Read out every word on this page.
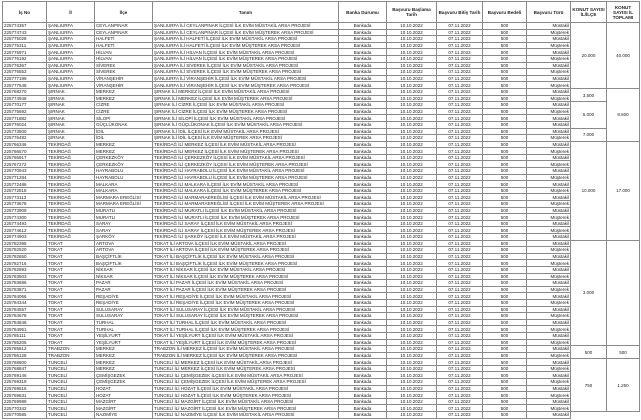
İş No	İl	İlçe	Tanım	Banka Durumu	Başvuru Başlama Tarih	Başvuru Bitiş Tarih	Başvuru Bedeli	Başvuru Türü	KONUT SAYISI İL/İLÇE	KONUT SAYISI İL TOPLAMI
225774357	ŞANLIURFA	CEYLANPINAR	ŞANLIURFA İLİ CEYLANPINAR İLÇESİ İLK EVİM MÜSTAKİL ARSA PROJESİ	Bankada	10.10.2022	07.11.2022	500	Müstakil	20.000	40.000
225774743	ŞANLIURFA	CEYLANPINAR	ŞANLIURFA İLİ CEYLANPINAR İLÇESİ İLK EVİM MÜŞTEREK ARSA PROJESİ	Bankada	10.10.2022	07.11.2022	500	Müşterek		
225775028	ŞANLIURFA	HALFETİ	ŞANLIURFA İLİ HALFETİ İLÇESİ İLK EVİM MÜSTAKİL ARSA PROJESİ	Bankada	10.10.2022	07.11.2022	500	Müstakil		
225775311	ŞANLIURFA	HALFETİ	ŞANLIURFA İLİ HALFETİ İLÇESİ İLK EVİM MÜŞTEREK ARSA PROJESİ	Bankada	10.10.2022	07.11.2022	500	Müşterek		
225775971	ŞANLIURFA	HİLVAN	ŞANLIURFA İLİ HİLVAN İLÇESİ İLK EVİM MÜSTAKİL ARSA PROJESİ	Bankada	10.10.2022	07.11.2022	500	Müstakil		
225776192	ŞANLIURFA	HİLVAN	ŞANLIURFA İLİ HİLVAN İLÇESİ İLK EVİM MÜŞTEREK ARSA PROJESİ	Bankada	10.10.2022	07.11.2022	500	Müşterek		
225776367	ŞANLIURFA	SİVEREK	ŞANLIURFA İLİ SİVEREK İLÇESİ İLK EVİM MÜSTAKİL ARSA PROJESİ	Bankada	10.10.2022	07.11.2022	500	Müstakil		
225776553	ŞANLIURFA	SİVEREK	ŞANLIURFA İLİ SİVEREK İLÇESİ İLK EVİM MÜŞTEREK ARSA PROJESİ	Bankada	10.10.2022	07.11.2022	500	Müşterek		
225777199	ŞANLIURFA	VİRANŞEHİR	ŞANLIURFA İLİ VİRANŞEHİR İLÇESİ İLK EVİM MÜSTAKİL ARSA PROJESİ	Bankada	10.10.2022	07.11.2022	500	Müstakil		
225777548	ŞANLIURFA	VİRANŞEHİR	ŞANLIURFA İLİ VİRANŞEHİR İLÇESİ İLK EVİM MÜŞTEREK ARSA PROJESİ	Bankada	10.10.2022	07.11.2022	500	Müşterek		
225768270	ŞIRNAK	MERKEZ	ŞIRNAK İLİ MERKEZ İLÇESİ İLK EVİM MÜSTAKİL ARSA PROJESİ	Bankada	10.10.2022	07.11.2022	500	Müstakil	3.500	8.500
225774948	ŞIRNAK	MERKEZ	ŞIRNAK İLİ MERKEZ İLÇESİ İLK EVİM MÜŞTEREK ARSA PROJESİ	Bankada	10.10.2022	07.11.2022	500	Müşterek		
225770177	ŞIRNAK	CİZRE	ŞIRNAK İLİ CİZRE İLÇESİ İLK EVİM MÜSTAKİL ARSA PROJESİ	Bankada	10.10.2022	07.11.2022	500	Müstakil	5.000	
225775692	ŞIRNAK	CİZRE	ŞIRNAK İLİ CİZRE İLÇESİ İLK EVİM MÜŞTEREK ARSA PROJESİ	Bankada	10.10.2022	07.11.2022	500	Müşterek		
225771882	ŞIRNAK	SİLOPİ	ŞIRNAK İLİ SİLOPİ İLÇESİ İLK EVİM MÜSTAKİL ARSA PROJESİ	Bankada	10.10.2022	07.11.2022	500	Müstakil		
225776024	ŞIRNAK	GÜÇLÜKONAK	ŞIRNAK İLİ GÜÇLÜKONAK İLÇESİ İLK EVİM MÜSTAKİL ARSA PROJESİ	Bankada	10.10.2022	07.11.2022	500	Müstakil		
225773500	ŞIRNAK	İDİL	ŞIRNAK İLİ İDİL İLÇESİ İLK EVİM MÜSTAKİL ARSA PROJESİ	Bankada	10.10.2022	07.11.2022	500	Müstakil	7.000	
225776482	ŞIRNAK	İDİL	ŞIRNAK İLİ İDİL İLÇESİ İLK EVİM MÜŞTEREK ARSA PROJESİ	Bankada	10.10.2022	07.11.2022	500	Müşterek		
225766346	TEKİRDAĞ	MERKEZ	TEKİRDAĞ İLİ MERKEZ İLÇESİ İLK EVİM MÜSTAKİL ARSA PROJESİ	Bankada	10.10.2022	07.11.2022	500	Müstakil	10.000	17.000
225766570	TEKİRDAĞ	MERKEZ	TEKİRDAĞ İLİ MERKEZ İLÇESİ İLK EVİM MÜŞTEREK ARSA PROJESİ	Bankada	10.10.2022	07.11.2022	500	Müşterek		
225766917	TEKİRDAĞ	ÇERKEZKÖY	TEKİRDAĞ İLİ ÇERKEZKÖY İLÇESİ İLK EVİM MÜSTAKİL ARSA PROJESİ	Bankada	10.10.2022	07.11.2022	500	Müstakil		
225767272	TEKİRDAĞ	ÇERKEZKÖY	TEKİRDAĞ İLİ ÇERKEZKÖY İLÇESİ İLK EVİM MÜŞTEREK ARSA PROJESİ	Bankada	10.10.2022	07.11.2022	500	Müşterek		
225770943	TEKİRDAĞ	HAYRABOLU	TEKİRDAĞ İLİ HAYRABOLU İLÇESİ İLK EVİM MÜSTAKİL ARSA PROJESİ	Bankada	10.10.2022	07.11.2022	500	Müstakil		
225771284	TEKİRDAĞ	HAYRABOLU	TEKİRDAĞ İLİ HAYRABOLU İLÇESİ İLK EVİM MÜŞTEREK ARSA PROJESİ	Bankada	10.10.2022	07.11.2022	500	Müşterek		
225772486	TEKİRDAĞ	MALKARA	TEKİRDAĞ İLİ MALKARA İLÇESİ İLK EVİM MÜSTAKİL ARSA PROJESİ	Bankada	10.10.2022	07.11.2022	500	Müstakil		
225772818	TEKİRDAĞ	MALKARA	TEKİRDAĞ İLİ MALKARA İLÇESİ İLK EVİM MÜŞTEREK ARSA PROJESİ	Bankada	10.10.2022	07.11.2022	500	Müşterek		
225773113	TEKİRDAĞ	MARMARA EREĞLİSİ	TEKİRDAĞ İLİ MARMARAEREĞLİSİ İLÇESİ İLK EVİM MÜSTAKİL ARSA PROJESİ	Bankada	10.10.2022	07.11.2022	500	Müstakil		
225773678	TEKİRDAĞ	MARMARA EREĞLİSİ	TEKİRDAĞ İLİ MARMARAEREĞLİSİ İLÇESİ İLK EVİM MÜŞTEREK ARSA PROJESİ	Bankada	10.10.2022	07.11.2022	500	Müşterek		
225773909	TEKİRDAĞ	MURATLI	TEKİRDAĞ İLİ MURATLI İLÇESİ İLK EVİM MÜSTAKİL ARSA PROJESİ	Bankada	10.10.2022	07.11.2022	500	Müstakil		
225774300	TEKİRDAĞ	MURATLI	TEKİRDAĞ İLİ MURATLI İLÇESİ İLK EVİM MÜŞTEREK ARSA PROJESİ	Bankada	10.10.2022	07.11.2022	500	Müşterek		
225774493	TEKİRDAĞ	SARAY	TEKİRDAĞ İLİ SARAY İLÇESİ İLK EVİM MÜSTAKİL ARSA PROJESİ	Bankada	10.10.2022	07.11.2022	500	Müstakil		
225774612	TEKİRDAĞ	SARAY	TEKİRDAĞ İLİ SARAY İLÇESİ İLK EVİM MÜŞTEREK ARSA PROJESİ	Bankada	10.10.2022	07.11.2022	500	Müşterek		
225774903	TEKİRDAĞ	ŞARKÖY	TEKİRDAĞ İLİ ŞARKÖY İLÇESİ İLK EVİM MÜSTAKİL ARSA PROJESİ	Bankada	10.10.2022	07.11.2022	500	Müstakil		
225782395	TOKAT	ARTOVA	TOKAT İLİ ARTOVA İLÇESİ İLK EVİM MÜSTAKİL ARSA PROJESİ	Bankada	10.10.2022	07.11.2022	500	Müstakil	3.000	
225782520	TOKAT	ARTOVA	TOKAT İLİ ARTOVA İLÇESİ İLK EVİM MÜŞTEREK ARSA PROJESİ	Bankada	10.10.2022	07.11.2022	500	Müşterek		
225782650	TOKAT	BAŞÇİFTLİK	TOKAT İLİ BAŞÇİFTLİK İLÇESİ İLK EVİM MÜSTAKİL ARSA PROJESİ	Bankada	10.10.2022	07.11.2022	500	Müstakil		
225782716	TOKAT	BAŞÇİFTLİK	TOKAT İLİ BAŞÇİFTLİK İLÇESİ İLK EVİM MÜŞTEREK ARSA PROJESİ	Bankada	10.10.2022	07.11.2022	500	Müşterek		
225782893	TOKAT	NİKSAR	TOKAT İLİ NİKSAR İLÇESİ İLK EVİM MÜSTAKİL ARSA PROJESİ	Bankada	10.10.2022	07.11.2022	500	Müstakil		
225783503	TOKAT	NİKSAR	TOKAT İLİ NİKSAR İLÇESİ İLK EVİM MÜŞTEREK ARSA PROJESİ	Bankada	10.10.2022	07.11.2022	500	Müşterek		
225783686	TOKAT	PAZAR	TOKAT İLİ PAZAR İLÇESİ İLK EVİM MÜSTAKİL ARSA PROJESİ	Bankada	10.10.2022	07.11.2022	500	Müstakil		
225783871	TOKAT	PAZAR	TOKAT İLİ PAZAR İLÇESİ İLK EVİM MÜŞTEREK ARSA PROJESİ	Bankada	10.10.2022	07.11.2022	500	Müşterek		
225784066	TOKAT	REŞADİYE	TOKAT İLİ REŞADİYE İLÇESİ İLK EVİM MÜSTAKİL ARSA PROJESİ	Bankada	10.10.2022	07.11.2022	500	Müstakil		
225784344	TOKAT	REŞADİYE	TOKAT İLİ REŞADİYE İLÇESİ İLK EVİM MÜŞTEREK ARSA PROJESİ	Bankada	10.10.2022	07.11.2022	500	Müşterek		
225784557	TOKAT	SULUSARAY	TOKAT İLİ SULUSARAY İLÇESİ İLK EVİM MÜSTAKİL ARSA PROJESİ	Bankada	10.10.2022	07.11.2022	500	Müstakil		
225784678	TOKAT	SULUSARAY	TOKAT İLİ SULUSARAY İLÇESİ İLK EVİM MÜŞTEREK ARSA PROJESİ	Bankada	10.10.2022	07.11.2022	500	Müşterek		
225784846	TOKAT	TURHAL	TOKAT İLİ TURHAL İLÇESİ İLK EVİM MÜSTAKİL ARSA PROJESİ	Bankada	10.10.2022	07.11.2022	500	Müstakil		
225784951	TOKAT	TURHAL	TOKAT İLİ TURHAL İLÇESİ İLK EVİM MÜŞTEREK ARSA PROJESİ	Bankada	10.10.2022	07.11.2022	500	Müşterek		
225785111	TOKAT	YEŞİLYURT	TOKAT İLİ YEŞİLYURT İLÇESİ İLK EVİM MÜSTAKİL ARSA PROJESİ	Bankada	10.10.2022	07.11.2022	500	Müstakil		
225785205	TOKAT	YEŞİLYURT	TOKAT İLİ YEŞİLYURT İLÇESİ İLK EVİM MÜŞTEREK ARSA PROJESİ	Bankada	10.10.2022	07.11.2022	500	Müşterek		
225785812	TRABZON	MERKEZ	TRABZON İLİ MERKEZ İLÇESİ İLK EVİM MÜSTAKİL ARSA PROJESİ	Bankada	10.10.2022	07.11.2022	500	Müstakil	500	500
225786128	TRABZON	MERKEZ	TRABZON İLİ MERKEZ İLÇESİ İLK EVİM MÜŞTEREK ARSA PROJESİ	Bankada	10.10.2022	07.11.2022	500	Müşterek		
225768800	TUNCELİ	MERKEZ	TUNCELİ İLİ MERKEZ İLÇESİ İLK EVİM MÜSTAKİL ARSA PROJESİ	Bankada	10.10.2022	07.11.2022	500	Müstakil	750	1.250
225768847	TUNCELİ	MERKEZ	TUNCELİ İLİ MERKEZ İLÇESİ İLK EVİM MÜŞTEREK ARSA PROJESİ	Bankada	10.10.2022	07.11.2022	500	Müşterek		
225769146	TUNCELİ	ÇEMİŞGEZEK	TUNCELİ İLİ ÇEMİŞGEZEK İLÇESİ İLK EVİM MÜSTAKİL ARSA PROJESİ	Bankada	10.10.2022	07.11.2022	500	Müstakil		
225769319	TUNCELİ	ÇEMİŞGEZEK	TUNCELİ İLİ ÇEMİŞGEZEK İLÇESİ İLK EVİM MÜŞTEREK ARSA PROJESİ	Bankada	10.10.2022	07.11.2022	500	Müşterek		
225769516	TUNCELİ	HOZAT	TUNCELİ İLİ HOZAT İLÇESİ İLK EVİM MÜSTAKİL ARSA PROJESİ	Bankada	10.10.2022	07.11.2022	500	Müstakil		
225769631	TUNCELİ	HOZAT	TUNCELİ İLİ HOZAT İLÇESİ İLK EVİM MÜŞTEREK ARSA PROJESİ	Bankada	10.10.2022	07.11.2022	500	Müşterek		
225769989	TUNCELİ	MAZGİRT	TUNCELİ İLİ MAZGİRT İLÇESİ İLK EVİM MÜSTAKİL ARSA PROJESİ	Bankada	10.10.2022	07.11.2022	500	Müstakil		
225770342	TUNCELİ	MAZGİRT	TUNCELİ İLİ MAZGİRT İLÇESİ İLK EVİM MÜŞTEREK ARSA PROJESİ	Bankada	10.10.2022	07.11.2022	500	Müşterek		
225770585	TUNCELİ	NAZIMİYE	TUNCELİ İLİ NAZIMİYE İLÇESİ İLK EVİM MÜSTAKİL ARSA PROJESİ	Bankada	10.10.2022	07.11.2022	500	Müstakil		
